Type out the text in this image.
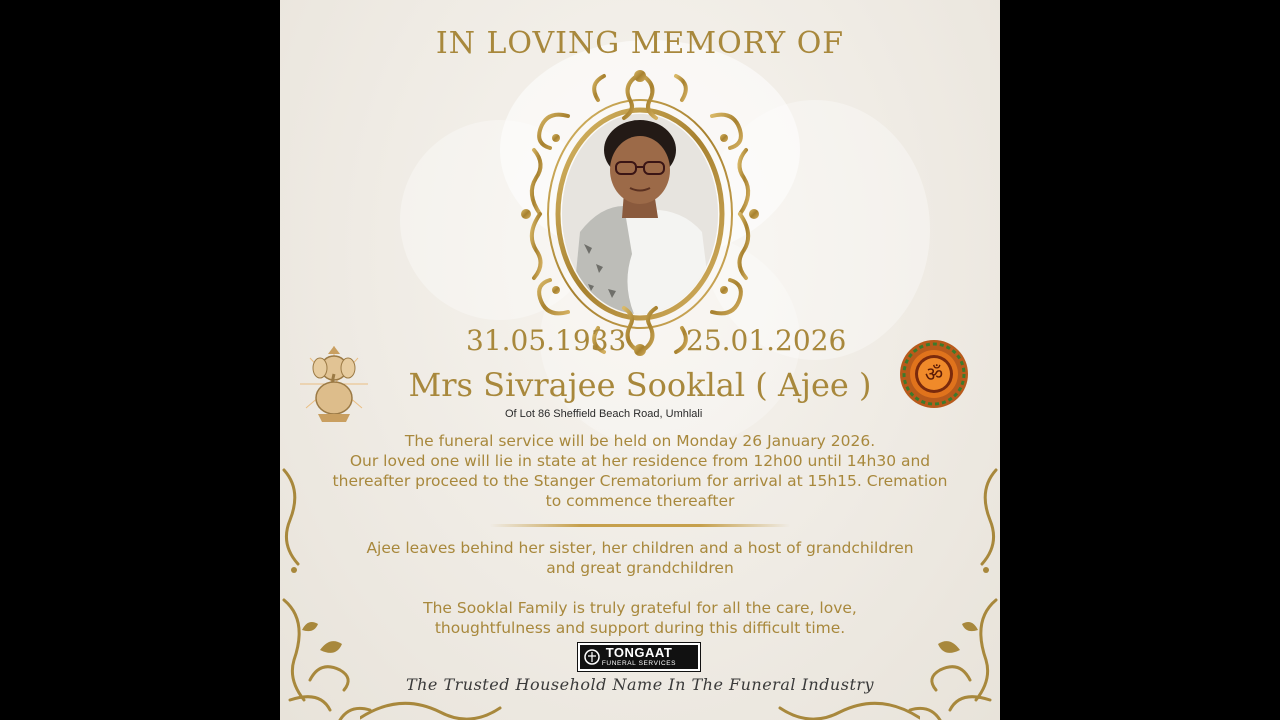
IN LOVING MEMORY OF
31.05.1933 25.01.2026
ॐ
Mrs Sivrajee Sooklal ( Ajee )
Of Lot 86 Sheffield Beach Road, Umhlali
The funeral service will be held on Monday 26 January 2026.
Our loved one will lie in state at her residence from 12h00 until 14h30 and
thereafter proceed to the Stanger Crematorium for arrival at 15h15. Cremation
to commence thereafter
Ajee leaves behind her sister, her children and a host of grandchildren
and great grandchildren
The Sooklal Family is truly grateful for all the care, love,
thoughtfulness and support during this difficult time.
TONGAAT
FUNERAL SERVICES
The Trusted Household Name In The Funeral Industry
